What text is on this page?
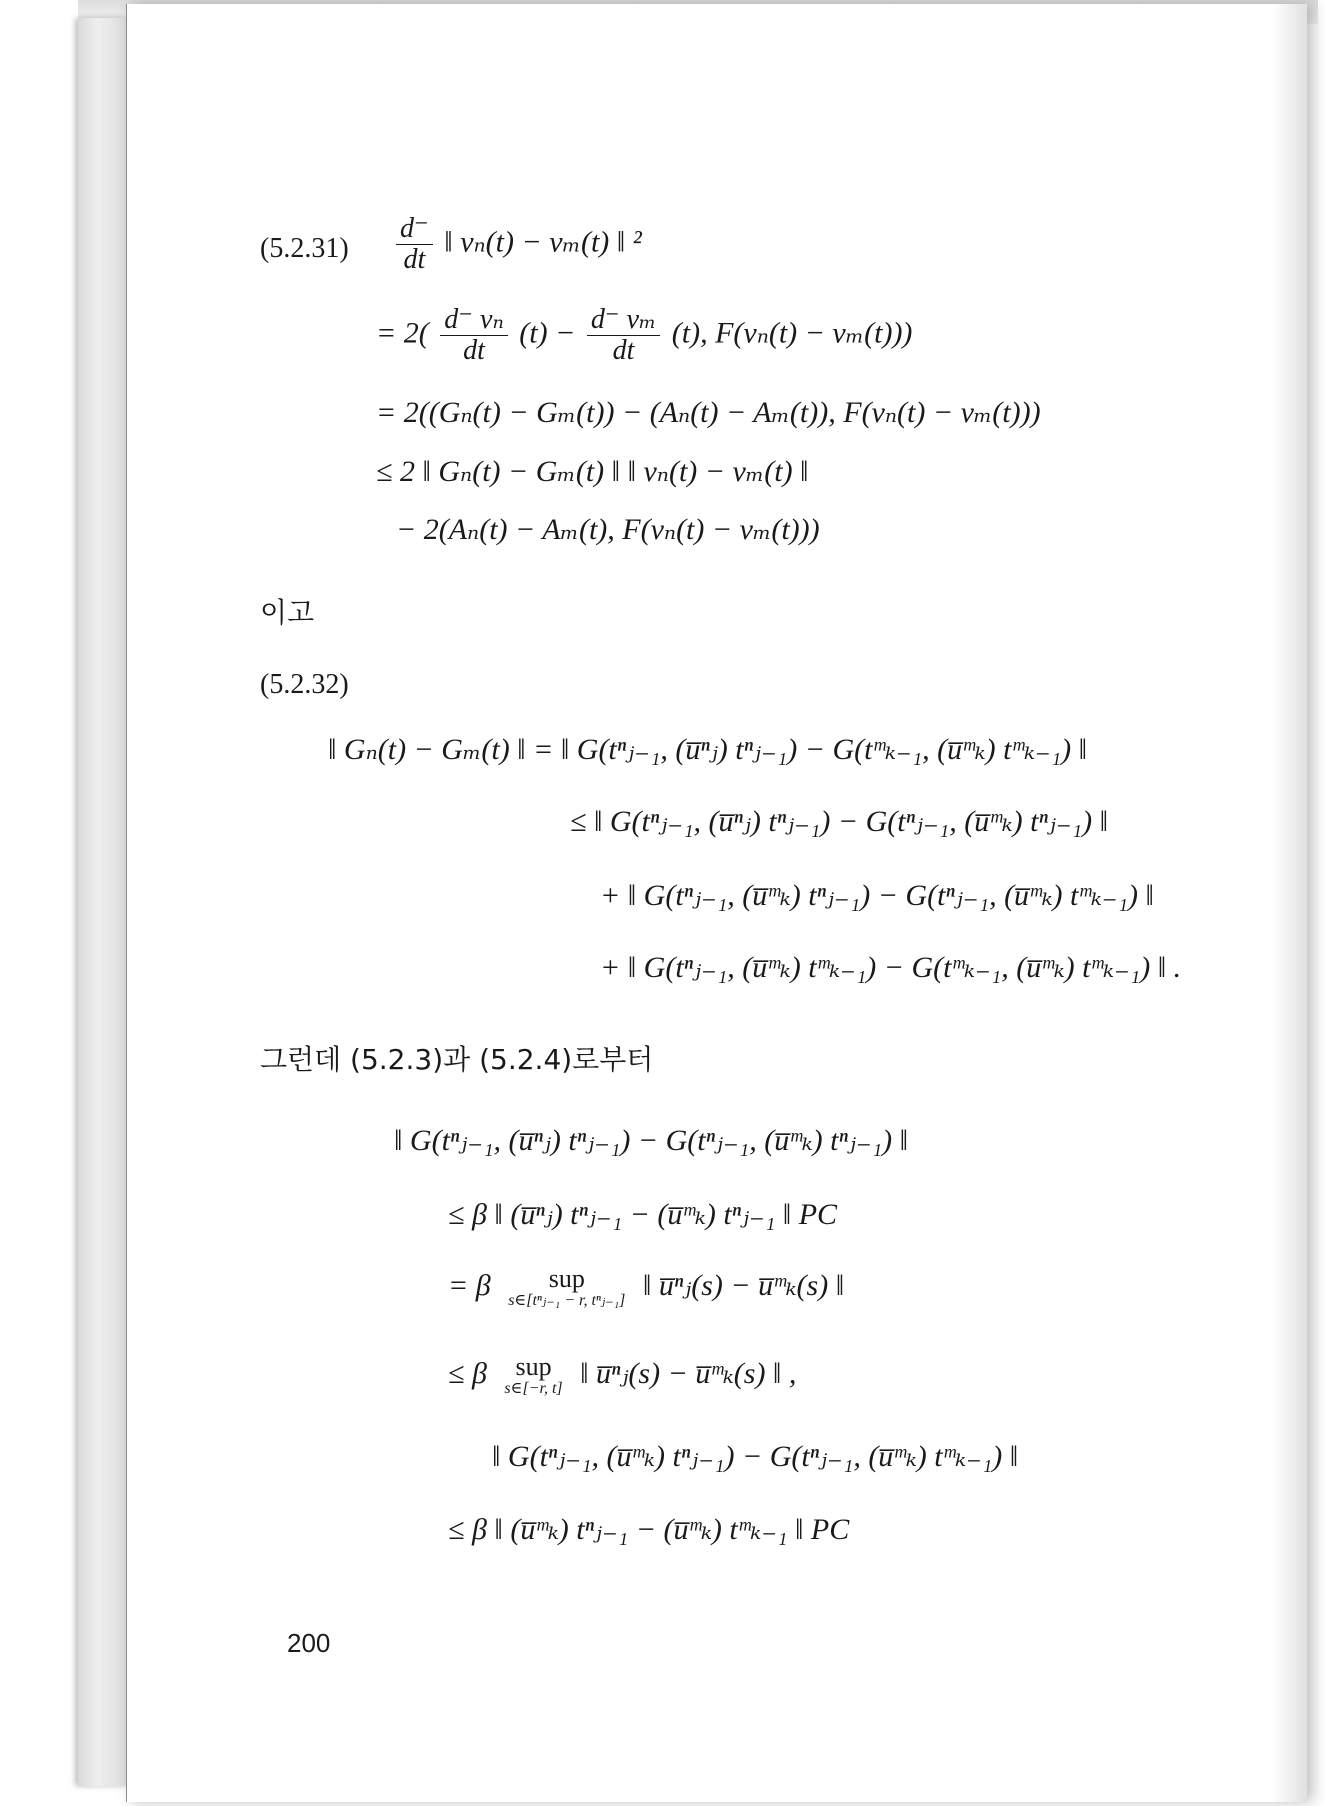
$(5.2.31) \frac{d^-}{dt}$ ‖ vₙ(t) − vₘ(t) ‖ ²
= $2( \frac{\text{d⁻ vₙ}}{dt} (t) - \frac{\text{d⁻ vₘ}}{dt} (t)$, F(vₙ(t) − vₘ(t)))
= 2((Gₙ(t) − Gₘ(t)) − (Aₙ(t) − Aₘ(t)), F(vₙ(t) − vₘ(t)))
≤ 2 ‖ Gₙ(t) − Gₘ(t) ‖ ‖ vₙ(t) − vₘ(t) ‖
− 2(Aₙ(t) − Aₘ(t), F(vₙ(t) − vₘ(t)))
이고
(5.2.32)
‖ Gₙ(t) − Gₘ(t) ‖ = ‖ G(tⁿⱼ₋₁, (u̅ⁿⱼ) tⁿⱼ₋₁) − G(tᵐₖ₋₁, (u̅ᵐₖ) tᵐₖ₋₁) ‖
≤ ‖ G(tⁿⱼ₋₁, (u̅ⁿⱼ) tⁿⱼ₋₁) − G(tⁿⱼ₋₁, (u̅ᵐₖ) tⁿⱼ₋₁) ‖
+ ‖ G(tⁿⱼ₋₁, (u̅ᵐₖ) tⁿⱼ₋₁) − G(tⁿⱼ₋₁, (u̅ᵐₖ) tᵐₖ₋₁) ‖
+ ‖ G(tⁿⱼ₋₁, (u̅ᵐₖ) tᵐₖ₋₁) − G(tᵐₖ₋₁, (u̅ᵐₖ) tᵐₖ₋₁) ‖ .
그런데 (5.2.3)과 (5.2.4)로부터
‖ G(tⁿⱼ₋₁, (u̅ⁿⱼ) tⁿⱼ₋₁) − G(tⁿⱼ₋₁, (u̅ᵐₖ) tⁿⱼ₋₁) ‖
≤ β ‖ (u̅ⁿⱼ) tⁿⱼ₋₁ − (u̅ᵐₖ) tⁿⱼ₋₁ ‖ PC
= β	sup
s∈[tⁿⱼ₋₁ − r, tⁿⱼ₋₁] ‖ u̅ⁿⱼ(s) − u̅ᵐₖ(s) ‖
≤ β	sup
s∈[−r, t] ‖ u̅ⁿⱼ(s) − u̅ᵐₖ(s) ‖ ,
‖ G(tⁿⱼ₋₁, (u̅ᵐₖ) tⁿⱼ₋₁) − G(tⁿⱼ₋₁, (u̅ᵐₖ) tᵐₖ₋₁) ‖
≤ β ‖ (u̅ᵐₖ) tⁿⱼ₋₁ − (u̅ᵐₖ) tᵐₖ₋₁ ‖ PC
200
